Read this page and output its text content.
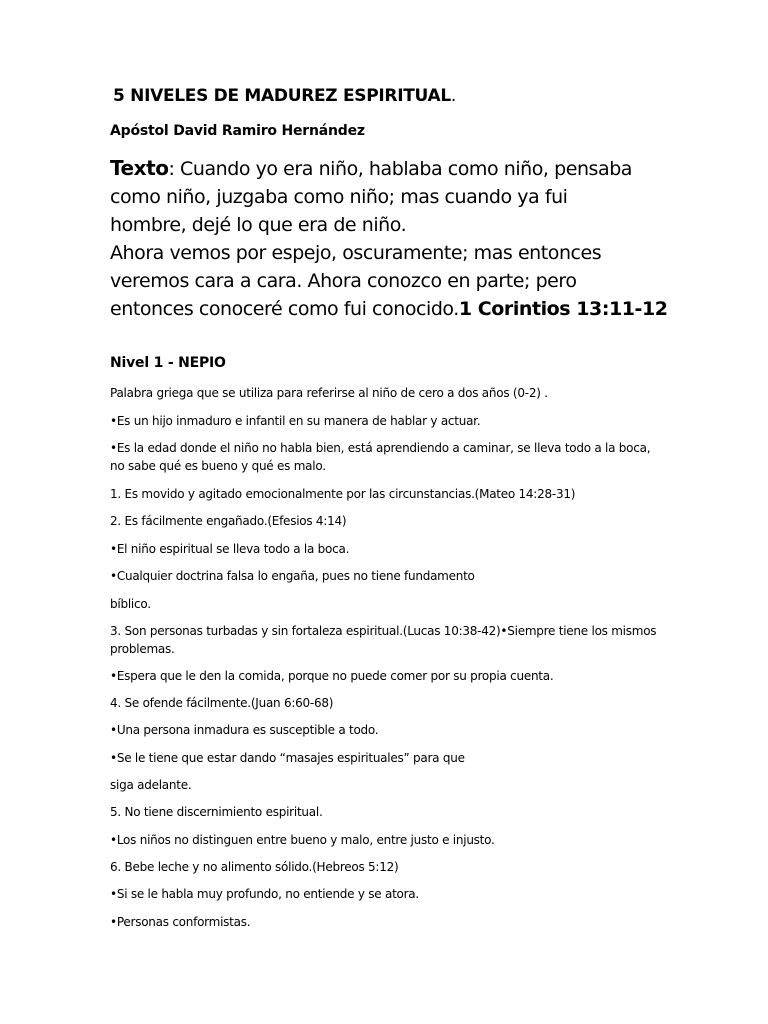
5 NIVELES DE MADUREZ ESPIRITUAL.
Apóstol David Ramiro Hernández
Texto: Cuando yo era niño, hablaba como niño, pensaba
como niño, juzgaba como niño; mas cuando ya fui
hombre, dejé lo que era de niño.
Ahora vemos por espejo, oscuramente; mas entonces
veremos cara a cara. Ahora conozco en parte; pero
entonces conoceré como fui conocido.1 Corintios 13:11-12
Nivel 1 - NEPIO
Palabra griega que se utiliza para referirse al niño de cero a dos años (0-2) .
•Es un hijo inmaduro e infantil en su manera de hablar y actuar.
•Es la edad donde el niño no habla bien, está aprendiendo a caminar, se lleva todo a la boca,
no sabe qué es bueno y qué es malo.
1. Es movido y agitado emocionalmente por las circunstancias.(Mateo 14:28-31)
2. Es fácilmente engañado.(Efesios 4:14)
•El niño espiritual se lleva todo a la boca.
•Cualquier doctrina falsa lo engaña, pues no tiene fundamento
bíblico.
3. Son personas turbadas y sin fortaleza espiritual.(Lucas 10:38-42)•Siempre tiene los mismos
problemas.
•Espera que le den la comida, porque no puede comer por su propia cuenta.
4. Se ofende fácilmente.(Juan 6:60-68)
•Una persona inmadura es susceptible a todo.
•Se le tiene que estar dando “masajes espirituales” para que
siga adelante.
5. No tiene discernimiento espiritual.
•Los niños no distinguen entre bueno y malo, entre justo e injusto.
6. Bebe leche y no alimento sólido.(Hebreos 5:12)
•Si se le habla muy profundo, no entiende y se atora.
•Personas conformistas.
